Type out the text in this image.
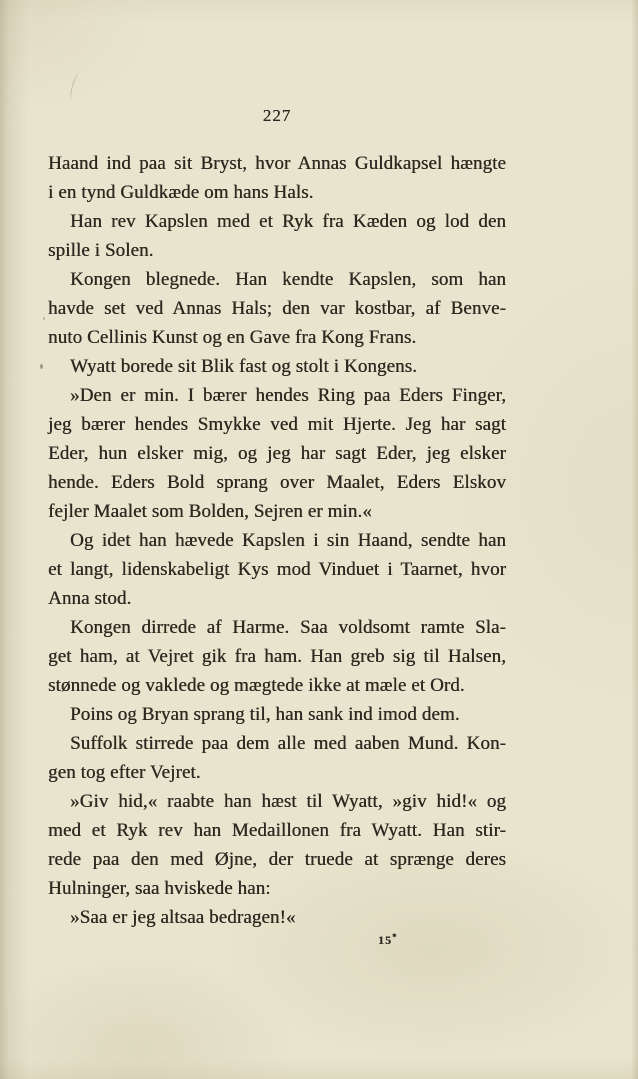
227
Haand ind paa sit Bryst, hvor Annas Guldkapsel hængte
i en tynd Guldkæde om hans Hals.
Han rev Kapslen med et Ryk fra Kæden og lod den
spille i Solen.
Kongen blegnede. Han kendte Kapslen, som han
havde set ved Annas Hals; den var kostbar, af Benve-
nuto Cellinis Kunst og en Gave fra Kong Frans.
Wyatt borede sit Blik fast og stolt i Kongens.
»Den er min. I bærer hendes Ring paa Eders Finger,
jeg bærer hendes Smykke ved mit Hjerte. Jeg har sagt
Eder, hun elsker mig, og jeg har sagt Eder, jeg elsker
hende. Eders Bold sprang over Maalet, Eders Elskov
fejler Maalet som Bolden, Sejren er min.«
Og idet han hævede Kapslen i sin Haand, sendte han
et langt, lidenskabeligt Kys mod Vinduet i Taarnet, hvor
Anna stod.
Kongen dirrede af Harme. Saa voldsomt ramte Sla-
get ham, at Vejret gik fra ham. Han greb sig til Halsen,
stønnede og vaklede og mægtede ikke at mæle et Ord.
Poins og Bryan sprang til, han sank ind imod dem.
Suffolk stirrede paa dem alle med aaben Mund. Kon-
gen tog efter Vejret.
»Giv hid,« raabte han hæst til Wyatt, »giv hid!« og
med et Ryk rev han Medaillonen fra Wyatt. Han stir-
rede paa den med Øjne, der truede at sprænge deres
Hulninger, saa hviskede han:
»Saa er jeg altsaa bedragen!«
15*
